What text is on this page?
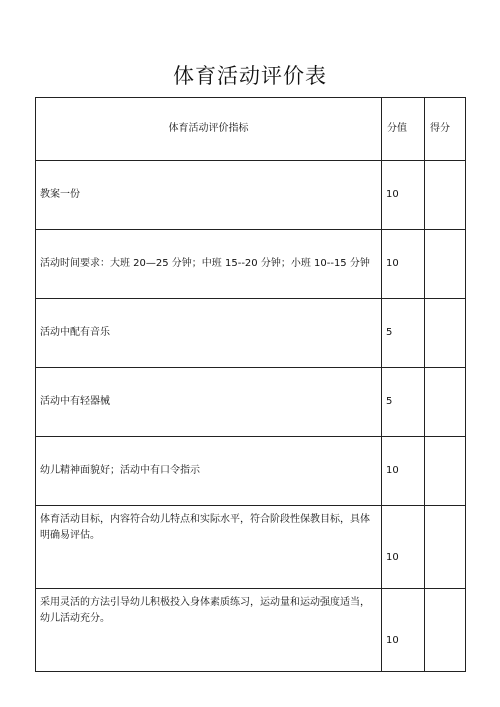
体育活动评价表
体育活动评价指标	分值	得分
教案一份	10	
活动时间要求：大班 20—25 分钟；中班 15--20 分钟；小班 10--15 分钟	10	
活动中配有音乐	5	
活动中有轻器械	5	
幼儿精神面貌好；活动中有口令指示	10	
体育活动目标，内容符合幼儿特点和实际水平，符合阶段性保教目标，具体明确易评估。	10	
采用灵活的方法引导幼儿积极投入身体素质练习，运动量和运动强度适当，幼儿活动充分。	10	
